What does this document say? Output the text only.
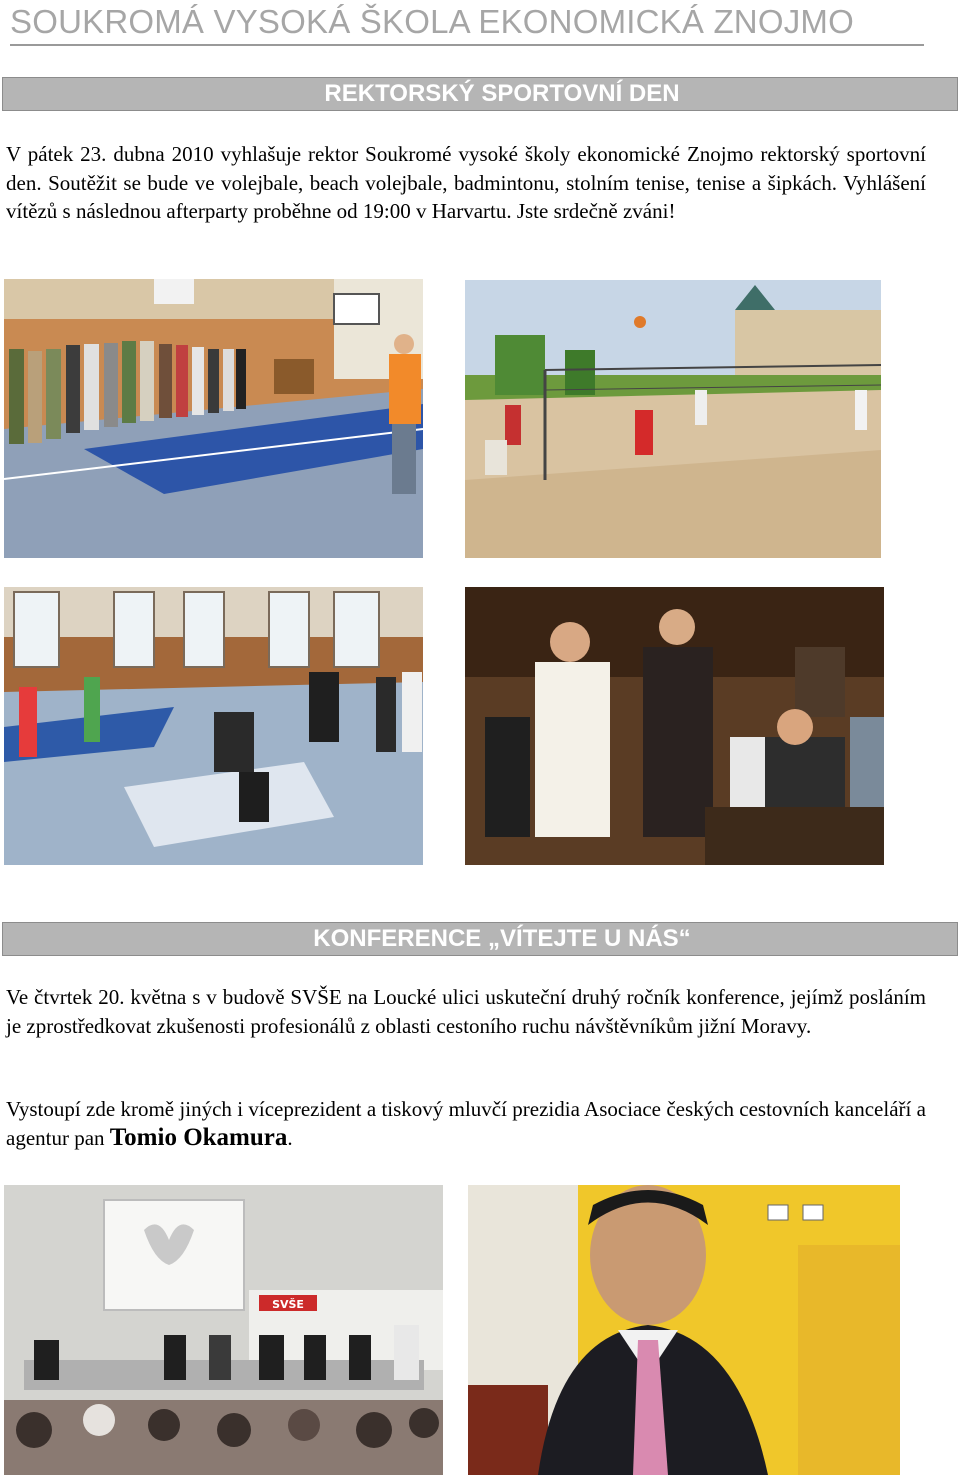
SOUKROMÁ VYSOKÁ ŠKOLA EKONOMICKÁ ZNOJMO
REKTORSKÝ SPORTOVNÍ DEN

V pátek 23. dubna 2010 vyhlašuje rektor Soukromé vysoké školy ekonomické Znojmo rektorský sportovní den. Soutěžit se bude ve volejbale, beach volejbale, badmintonu, stolním tenise, tenise a šipkách. Vyhlášení vítězů s následnou afterparty proběhne od 19:00 v Harvartu. Jste srdečně zváni!

KONFERENCE „VÍTEJTE U NÁS“

Ve čtvrtek 20. května s v budově SVŠE na Loucké ulici uskuteční druhý ročník konference, jejímž posláním je zprostředkovat zkušenosti profesionálů z oblasti cestoního ruchu návštěvníkům jižní Moravy.

Vystoupí zde kromě jiných i víceprezident a tiskový mluvčí prezidia Asociace českých cestovních kanceláří a agentur pan Tomio Okamura.

SVŠE
